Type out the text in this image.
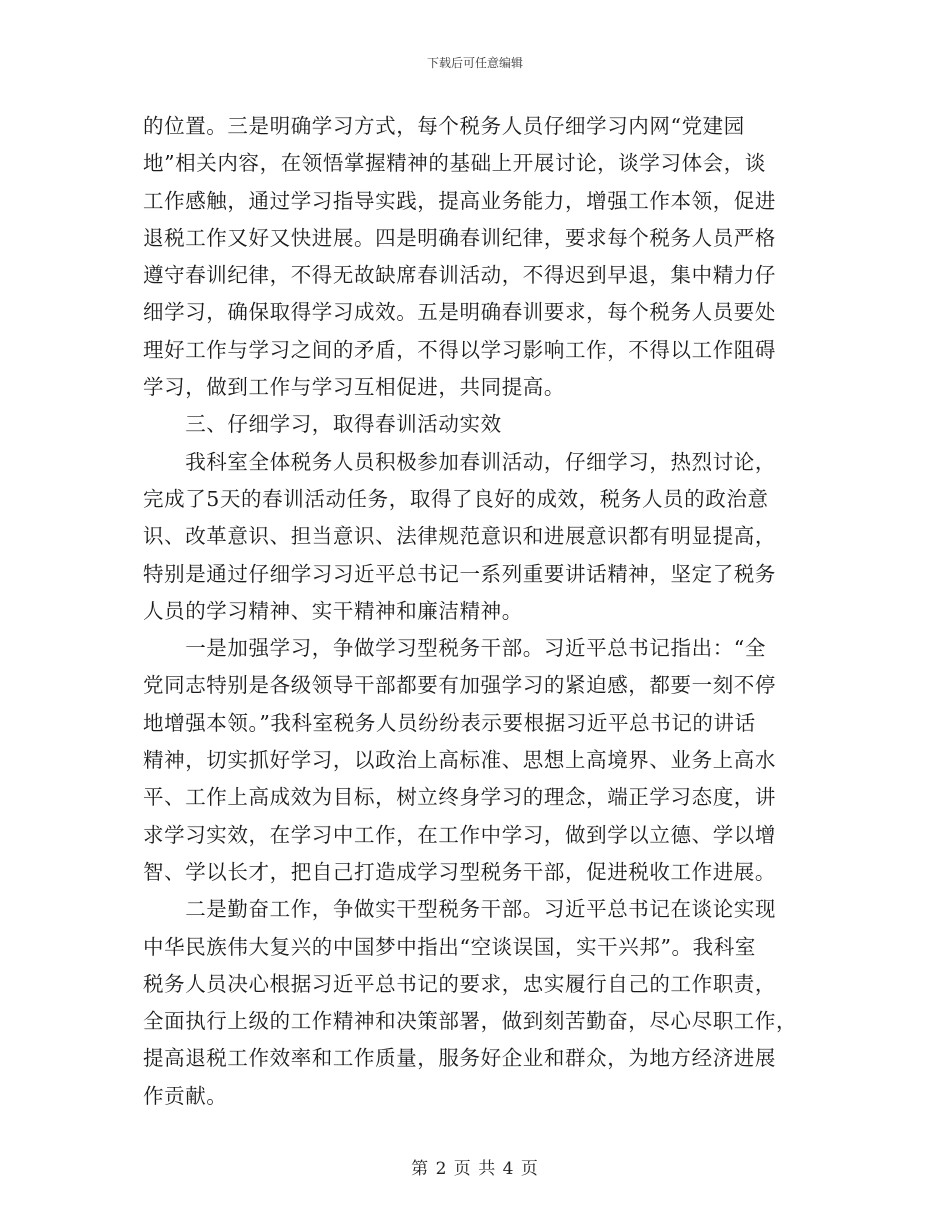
下载后可任意编辑
的位置。三是明确学习方式，每个税务人员仔细学习内网“党建园
地”相关内容，在领悟掌握精神的基础上开展讨论，谈学习体会，谈
工作感触，通过学习指导实践，提高业务能力，增强工作本领，促进
退税工作又好又快进展。四是明确春训纪律，要求每个税务人员严格
遵守春训纪律，不得无故缺席春训活动，不得迟到早退，集中精力仔
细学习，确保取得学习成效。五是明确春训要求，每个税务人员要处
理好工作与学习之间的矛盾，不得以学习影响工作，不得以工作阻碍
学习，做到工作与学习互相促进，共同提高。
　　三、仔细学习，取得春训活动实效
　　我科室全体税务人员积极参加春训活动，仔细学习，热烈讨论，
完成了5天的春训活动任务，取得了良好的成效，税务人员的政治意
识、改革意识、担当意识、法律规范意识和进展意识都有明显提高，
特别是通过仔细学习习近平总书记一系列重要讲话精神，坚定了税务
人员的学习精神、实干精神和廉洁精神。
　　一是加强学习，争做学习型税务干部。习近平总书记指出：“全
党同志特别是各级领导干部都要有加强学习的紧迫感，都要一刻不停
地增强本领。”我科室税务人员纷纷表示要根据习近平总书记的讲话
精神，切实抓好学习，以政治上高标准、思想上高境界、业务上高水
平、工作上高成效为目标，树立终身学习的理念，端正学习态度，讲
求学习实效，在学习中工作，在工作中学习，做到学以立德、学以增
智、学以长才，把自己打造成学习型税务干部，促进税收工作进展。
　　二是勤奋工作，争做实干型税务干部。习近平总书记在谈论实现
中华民族伟大复兴的中国梦中指出“空谈误国，实干兴邦”。我科室
税务人员决心根据习近平总书记的要求，忠实履行自己的工作职责，
全面执行上级的工作精神和决策部署，做到刻苦勤奋，尽心尽职工作，
提高退税工作效率和工作质量，服务好企业和群众，为地方经济进展
作贡献。
第 2 页 共 4 页
